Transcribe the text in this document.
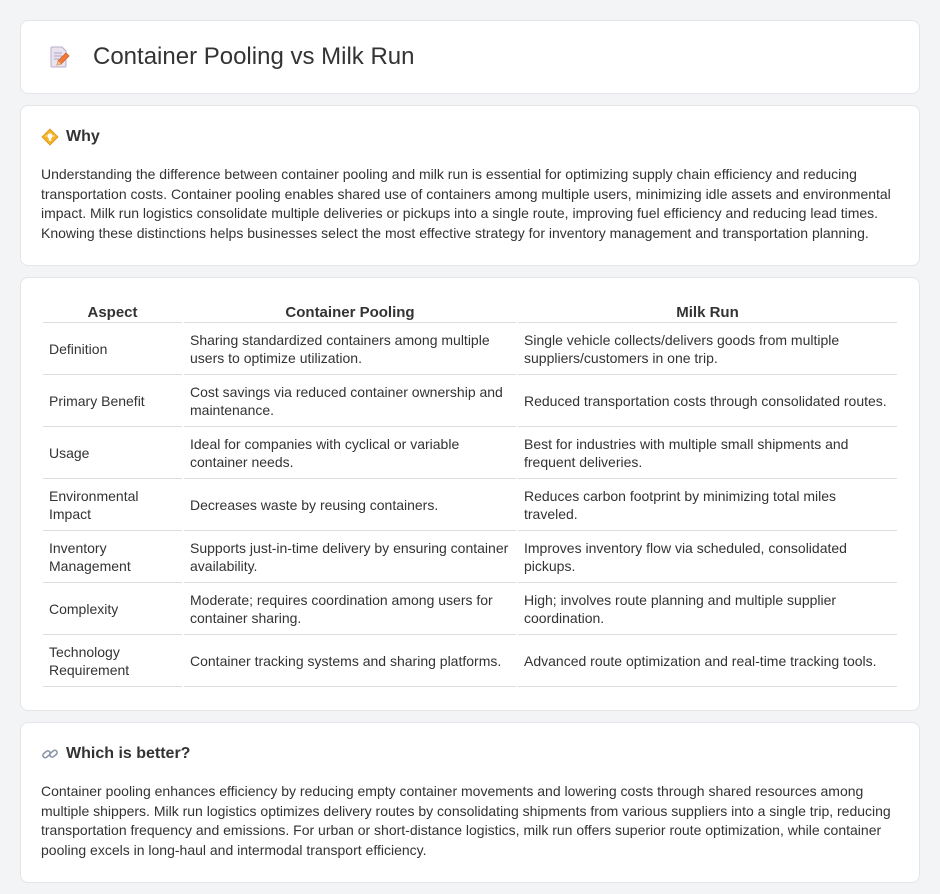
Container Pooling vs Milk Run
Why

Understanding the difference between container pooling and milk run is essential for optimizing supply chain efficiency and reducing transportation costs. Container pooling enables shared use of containers among multiple users, minimizing idle assets and environmental impact. Milk run logistics consolidate multiple deliveries or pickups into a single route, improving fuel efficiency and reducing lead times. Knowing these distinctions helps businesses select the most effective strategy for inventory management and transportation planning.

Aspect	Container Pooling	Milk Run
Definition	Sharing standardized containers among multiple users to optimize utilization.	Single vehicle collects/delivers goods from multiple suppliers/customers in one trip.
Primary Benefit	Cost savings via reduced container ownership and maintenance.	Reduced transportation costs through consolidated routes.
Usage	Ideal for companies with cyclical or variable container needs.	Best for industries with multiple small shipments and frequent deliveries.
Environmental Impact	Decreases waste by reusing containers.	Reduces carbon footprint by minimizing total miles traveled.
Inventory Management	Supports just-in-time delivery by ensuring container availability.	Improves inventory flow via scheduled, consolidated pickups.
Complexity	Moderate; requires coordination among users for container sharing.	High; involves route planning and multiple supplier coordination.
Technology Requirement	Container tracking systems and sharing platforms.	Advanced route optimization and real-time tracking tools.
Which is better?

Container pooling enhances efficiency by reducing empty container movements and lowering costs through shared resources among multiple shippers. Milk run logistics optimizes delivery routes by consolidating shipments from various suppliers into a single trip, reducing transportation frequency and emissions. For urban or short-distance logistics, milk run offers superior route optimization, while container pooling excels in long-haul and intermodal transport efficiency.
